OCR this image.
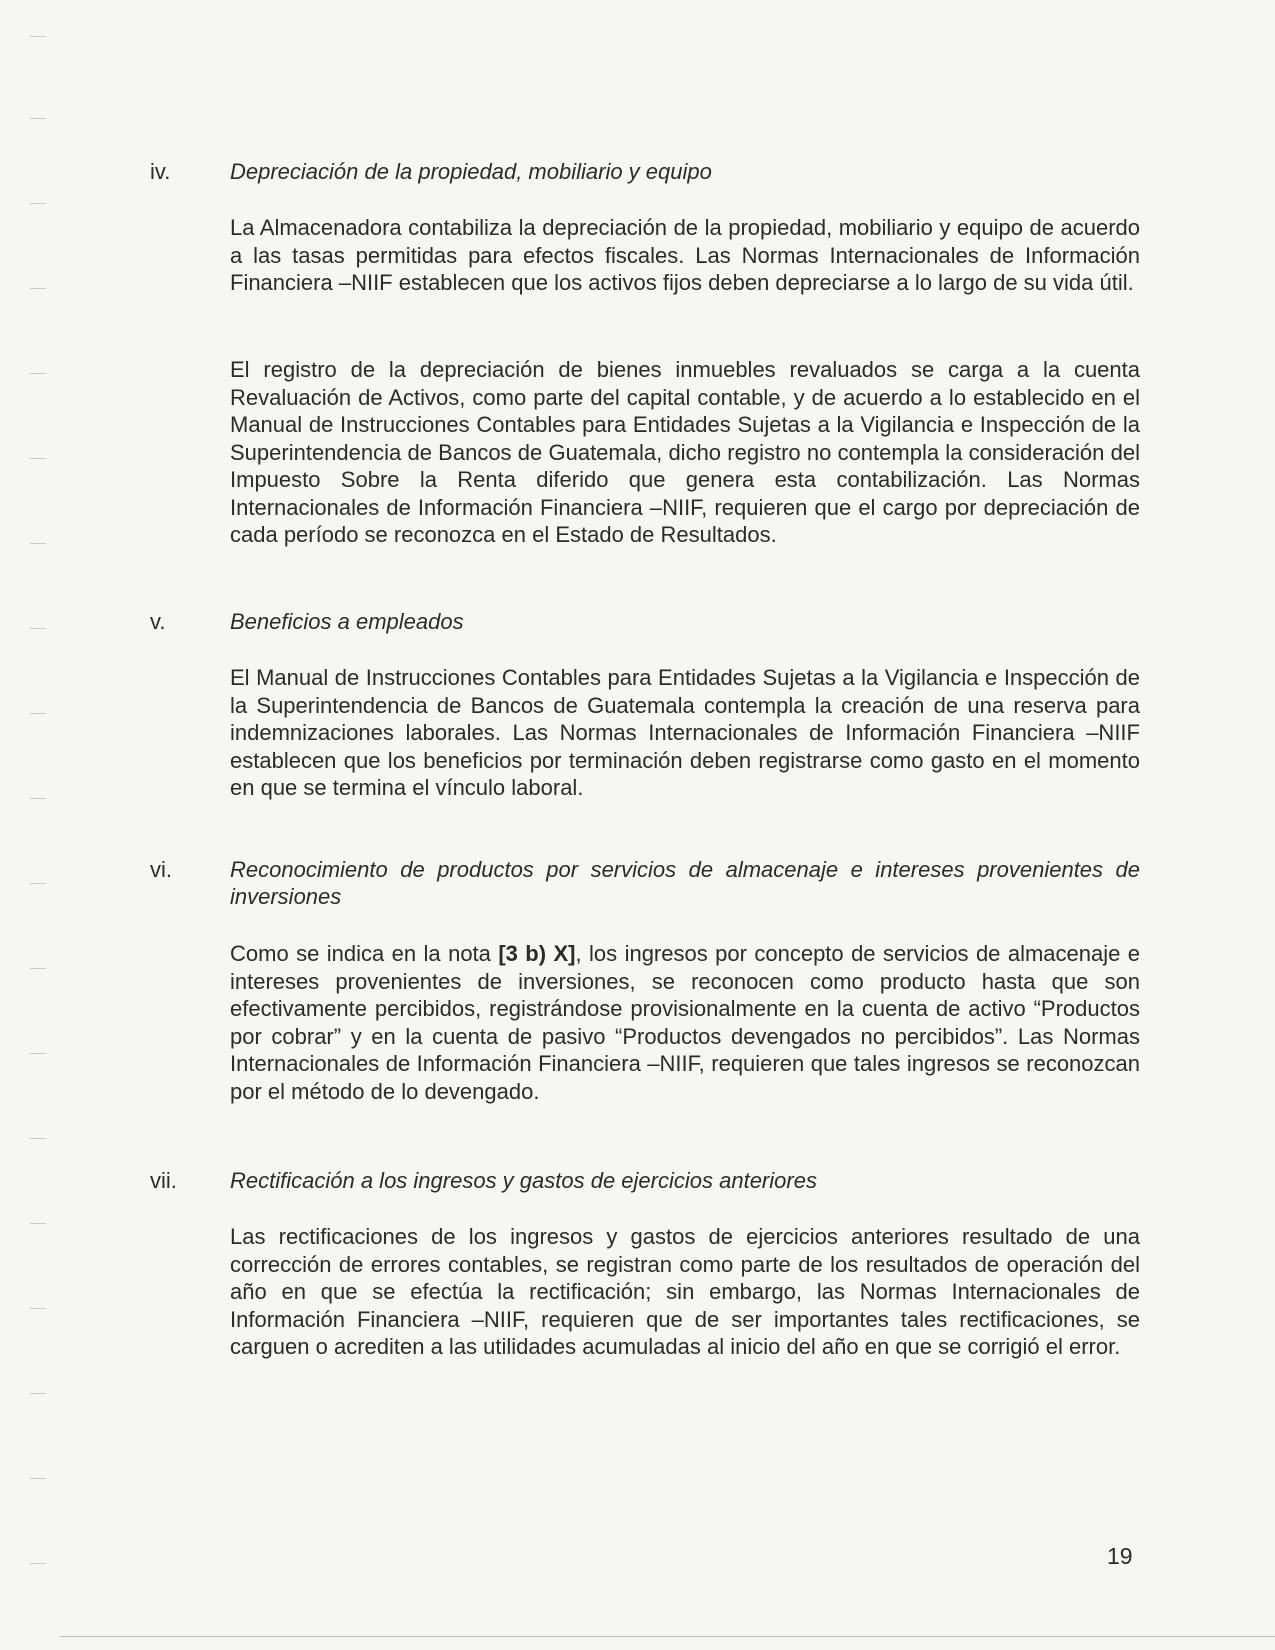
iv.	Depreciación de la propiedad, mobiliario y equipo

La Almacenadora contabiliza la depreciación de la propiedad, mobiliario y equipo de acuerdo a las tasas permitidas para efectos fiscales. Las Normas Internacionales de Información Financiera –NIIF establecen que los activos fijos deben depreciarse a lo largo de su vida útil.

El registro de la depreciación de bienes inmuebles revaluados se carga a la cuenta Revaluación de Activos, como parte del capital contable, y de acuerdo a lo establecido en el Manual de Instrucciones Contables para Entidades Sujetas a la Vigilancia e Inspección de la Superintendencia de Bancos de Guatemala, dicho registro no contempla la consideración del Impuesto Sobre la Renta diferido que genera esta contabilización. Las Normas Internacionales de Información Financiera –NIIF, requieren que el cargo por depreciación de cada período se reconozca en el Estado de Resultados.

v.	Beneficios a empleados

El Manual de Instrucciones Contables para Entidades Sujetas a la Vigilancia e Inspección de la Superintendencia de Bancos de Guatemala contempla la creación de una reserva para indemnizaciones laborales. Las Normas Internacionales de Información Financiera –NIIF establecen que los beneficios por terminación deben registrarse como gasto en el momento en que se termina el vínculo laboral.

vi.	Reconocimiento de productos por servicios de almacenaje e intereses provenientes de inversiones

Como se indica en la nota [3 b) X], los ingresos por concepto de servicios de almacenaje e intereses provenientes de inversiones, se reconocen como producto hasta que son efectivamente percibidos, registrándose provisionalmente en la cuenta de activo “Productos por cobrar” y en la cuenta de pasivo “Productos devengados no percibidos”. Las Normas Internacionales de Información Financiera –NIIF, requieren que tales ingresos se reconozcan por el método de lo devengado.

vii. Rectificación a los ingresos y gastos de ejercicios anteriores

Las rectificaciones de los ingresos y gastos de ejercicios anteriores resultado de una corrección de errores contables, se registran como parte de los resultados de operación del año en que se efectúa la rectificación; sin embargo, las Normas Internacionales de Información Financiera –NIIF, requieren que de ser importantes tales rectificaciones, se carguen o acrediten a las utilidades acumuladas al inicio del año en que se corrigió el error.

19
